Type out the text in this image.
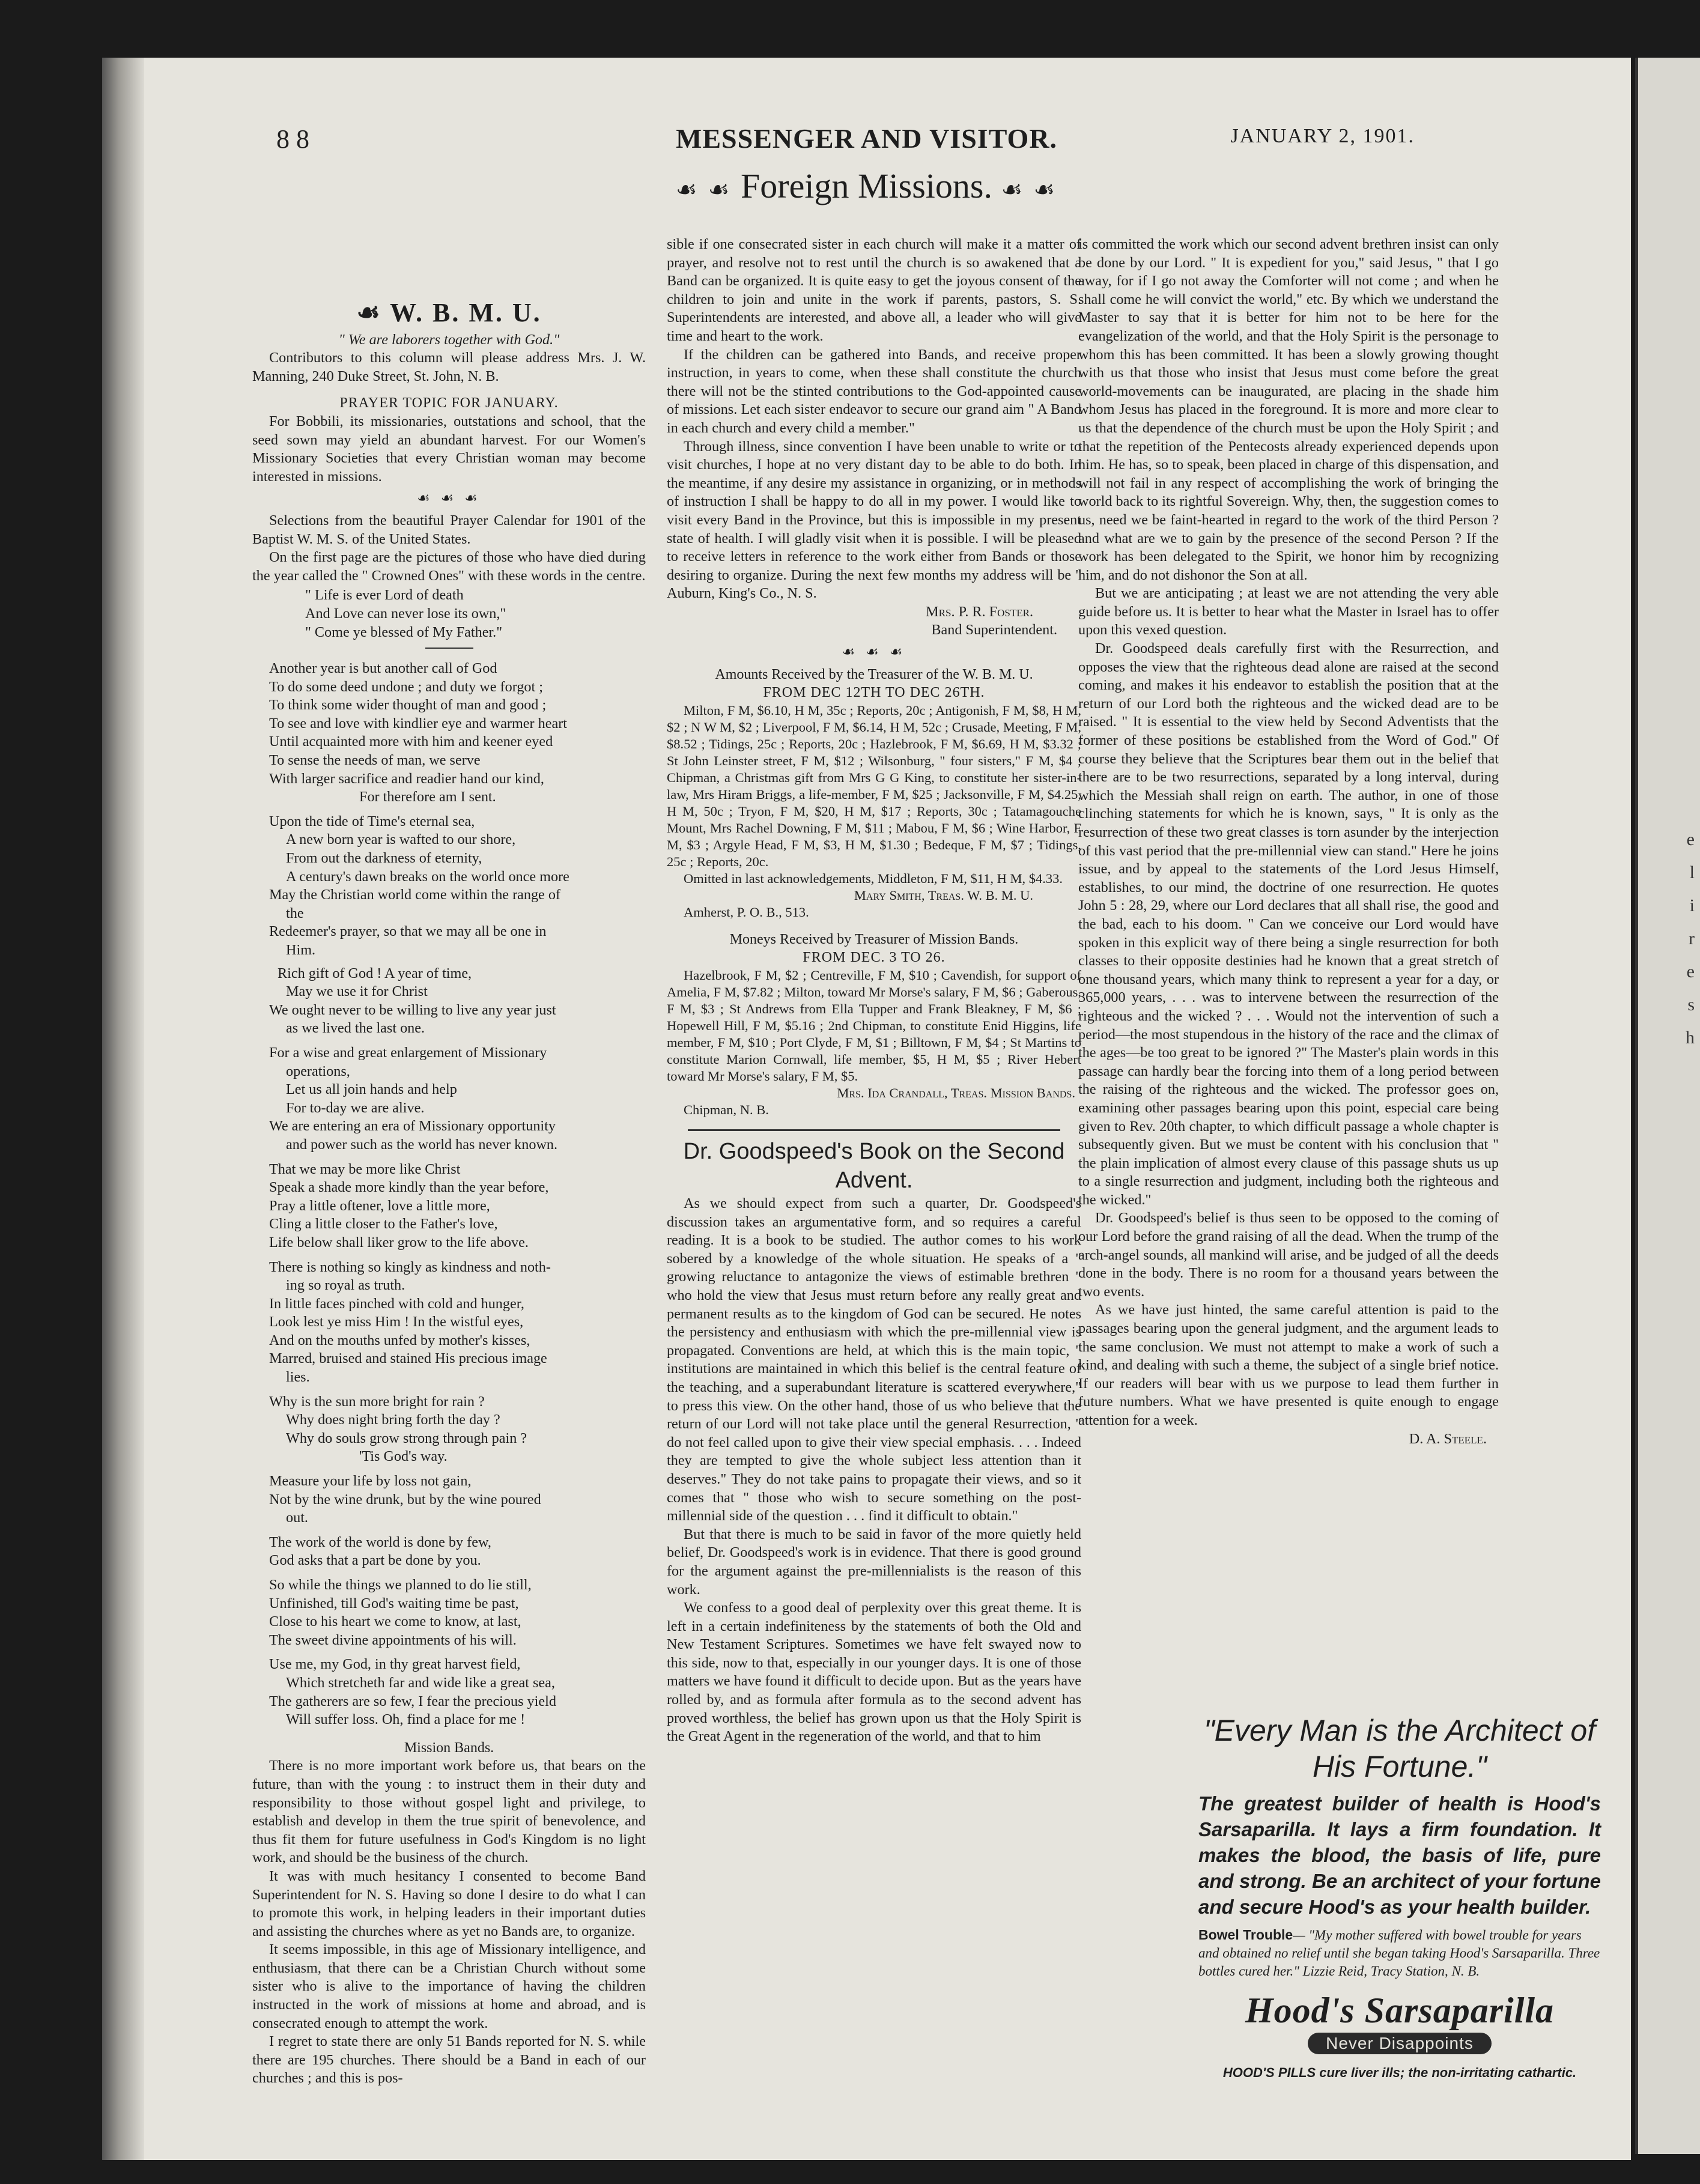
8 8	MESSENGER AND VISITOR.	JANUARY 2, 1901.
☙ ☙ Foreign Missions. ☙ ☙
☙ W. B. M. U.

" We are laborers together with God."

Contributors to this column will please address Mrs. J. W. Manning, 240 Duke Street, St. John, N. B.

PRAYER TOPIC FOR JANUARY.

For Bobbili, its missionaries, outstations and school, that the seed sown may yield an abundant harvest. For our Women's Missionary Societies that every Christian woman may become interested in missions.

☙ ☙ ☙

Selections from the beautiful Prayer Calendar for 1901 of the Baptist W. M. S. of the United States.

On the first page are the pictures of those who have died during the year called the " Crowned Ones" with these words in the centre.

" Life is ever Lord of death

And Love can never lose its own,"

" Come ye blessed of My Father."

Another year is but another call of God

To do some deed undone ; and duty we forgot ;

To think some wider thought of man and good ;

To see and love with kindlier eye and warmer heart

Until acquainted more with him and keener eyed

To sense the needs of man, we serve

With larger sacrifice and readier hand our kind,

For therefore am I sent.

Upon the tide of Time's eternal sea,

A new born year is wafted to our shore,

From out the darkness of eternity,

A century's dawn breaks on the world once more

May the Christian world come within the range of

the

Redeemer's prayer, so that we may all be one in

Him.

Rich gift of God ! A year of time,

May we use it for Christ

We ought never to be willing to live any year just

as we lived the last one.

For a wise and great enlargement of Missionary

operations,

Let us all join hands and help

For to-day we are alive.

We are entering an era of Missionary opportunity

and power such as the world has never known.

That we may be more like Christ

Speak a shade more kindly than the year before,

Pray a little oftener, love a little more,

Cling a little closer to the Father's love,

Life below shall liker grow to the life above.

There is nothing so kingly as kindness and noth-

ing so royal as truth.

In little faces pinched with cold and hunger,

Look lest ye miss Him ! In the wistful eyes,

And on the mouths unfed by mother's kisses,

Marred, bruised and stained His precious image

lies.

Why is the sun more bright for rain ?

Why does night bring forth the day ?

Why do souls grow strong through pain ?

'Tis God's way.

Measure your life by loss not gain,

Not by the wine drunk, but by the wine poured

out.

The work of the world is done by few,

God asks that a part be done by you.

So while the things we planned to do lie still,

Unfinished, till God's waiting time be past,

Close to his heart we come to know, at last,

The sweet divine appointments of his will.

Use me, my God, in thy great harvest field,

Which stretcheth far and wide like a great sea,

The gatherers are so few, I fear the precious yield

Will suffer loss. Oh, find a place for me !

Mission Bands.

There is no more important work before us, that bears on the future, than with the young : to instruct them in their duty and responsibility to those without gospel light and privilege, to establish and develop in them the true spirit of benevolence, and thus fit them for future usefulness in God's Kingdom is no light work, and should be the business of the church.

It was with much hesitancy I consented to become Band Superintendent for N. S. Having so done I desire to do what I can to promote this work, in helping leaders in their important duties and assisting the churches where as yet no Bands are, to organize.

It seems impossible, in this age of Missionary intelligence, and enthusiasm, that there can be a Christian Church without some sister who is alive to the importance of having the children instructed in the work of missions at home and abroad, and is consecrated enough to attempt the work.

I regret to state there are only 51 Bands reported for N. S. while there are 195 churches. There should be a Band in each of our churches ; and this is pos-

sible if one consecrated sister in each church will make it a matter of prayer, and resolve not to rest until the church is so awakened that a Band can be organized. It is quite easy to get the joyous consent of the children to join and unite in the work if parents, pastors, S. S. Superintendents are interested, and above all, a leader who will give time and heart to the work.

If the children can be gathered into Bands, and receive proper instruction, in years to come, when these shall constitute the church there will not be the stinted contributions to the God-appointed cause of missions. Let each sister endeavor to secure our grand aim " A Band in each church and every child a member."

Through illness, since convention I have been unable to write or to visit churches, I hope at no very distant day to be able to do both. In the meantime, if any desire my assistance in organizing, or in methods of instruction I shall be happy to do all in my power. I would like to visit every Band in the Province, but this is impossible in my present state of health. I will gladly visit when it is possible. I will be pleased to receive letters in reference to the work either from Bands or those desiring to organize. During the next few months my address will be " Auburn, King's Co., N. S.

Mrs. P. R. Foster.

Band Superintendent.

☙ ☙ ☙

Amounts Received by the Treasurer of the W. B. M. U.

FROM DEC 12TH TO DEC 26TH.

Milton, F M, $6.10, H M, 35c ; Reports, 20c ; Antigonish, F M, $8, H M, $2 ; N W M, $2 ; Liverpool, F M, $6.14, H M, 52c ; Crusade, Meeting, F M, $8.52 ; Tidings, 25c ; Reports, 20c ; Hazlebrook, F M, $6.69, H M, $3.32 ; St John Leinster street, F M, $12 ; Wilsonburg, " four sisters," F M, $4 ; Chipman, a Christmas gift from Mrs G G King, to constitute her sister-in-law, Mrs Hiram Briggs, a life-member, F M, $25 ; Jacksonville, F M, $4.25, H M, 50c ; Tryon, F M, $20, H M, $17 ; Reports, 30c ; Tatamagouche Mount, Mrs Rachel Downing, F M, $11 ; Mabou, F M, $6 ; Wine Harbor, F M, $3 ; Argyle Head, F M, $3, H M, $1.30 ; Bedeque, F M, $7 ; Tidings, 25c ; Reports, 20c.

Omitted in last acknowledgements, Middleton, F M, $11, H M, $4.33.

Mary Smith, Treas. W. B. M. U.

Amherst, P. O. B., 513.

Moneys Received by Treasurer of Mission Bands.

FROM DEC. 3 TO 26.

Hazelbrook, F M, $2 ; Centreville, F M, $10 ; Cavendish, for support of Amelia, F M, $7.82 ; Milton, toward Mr Morse's salary, F M, $6 ; Gaberous, F M, $3 ; St Andrews from Ella Tupper and Frank Bleakney, F M, $6 ; Hopewell Hill, F M, $5.16 ; 2nd Chipman, to constitute Enid Higgins, life member, F M, $10 ; Port Clyde, F M, $1 ; Billtown, F M, $4 ; St Martins to constitute Marion Cornwall, life member, $5, H M, $5 ; River Hebert toward Mr Morse's salary, F M, $5.

Mrs. Ida Crandall, Treas. Mission Bands.

Chipman, N. B.

Dr. Goodspeed's Book on the Second Advent.

As we should expect from such a quarter, Dr. Goodspeed's discussion takes an argumentative form, and so requires a careful reading. It is a book to be studied. The author comes to his work sobered by a knowledge of the whole situation. He speaks of a " growing reluctance to antagonize the views of estimable brethren " who hold the view that Jesus must return before any really great and permanent results as to the kingdom of God can be secured. He notes the persistency and enthusiasm with which the pre-millennial view is propagated. Conventions are held, at which this is the main topic, " institutions are maintained in which this belief is the central feature of the teaching, and a superabundant literature is scattered everywhere," to press this view. On the other hand, those of us who believe that the return of our Lord will not take place until the general Resurrection, " do not feel called upon to give their view special emphasis. . . . Indeed they are tempted to give the whole subject less attention than it deserves." They do not take pains to propagate their views, and so it comes that " those who wish to secure something on the post-millennial side of the question . . . find it difficult to obtain."

But that there is much to be said in favor of the more quietly held belief, Dr. Goodspeed's work is in evidence. That there is good ground for the argument against the pre-millennialists is the reason of this work.

We confess to a good deal of perplexity over this great theme. It is left in a certain indefiniteness by the statements of both the Old and New Testament Scriptures. Sometimes we have felt swayed now to this side, now to that, especially in our younger days. It is one of those matters we have found it difficult to decide upon. But as the years have rolled by, and as formula after formula as to the second advent has proved worthless, the belief has grown upon us that the Holy Spirit is the Great Agent in the regeneration of the world, and that to him

is committed the work which our second advent brethren insist can only be done by our Lord. " It is expedient for you," said Jesus, " that I go away, for if I go not away the Comforter will not come ; and when he shall come he will convict the world," etc. By which we understand the Master to say that it is better for him not to be here for the evangelization of the world, and that the Holy Spirit is the personage to whom this has been committed. It has been a slowly growing thought with us that those who insist that Jesus must come before the great world-movements can be inaugurated, are placing in the shade him whom Jesus has placed in the foreground. It is more and more clear to us that the dependence of the church must be upon the Holy Spirit ; and that the repetition of the Pentecosts already experienced depends upon him. He has, so to speak, been placed in charge of this dispensation, and will not fail in any respect of accomplishing the work of bringing the world back to its rightful Sovereign. Why, then, the suggestion comes to us, need we be faint-hearted in regard to the work of the third Person ? and what are we to gain by the presence of the second Person ? If the work has been delegated to the Spirit, we honor him by recognizing him, and do not dishonor the Son at all.

But we are anticipating ; at least we are not attending the very able guide before us. It is better to hear what the Master in Israel has to offer upon this vexed question.

Dr. Goodspeed deals carefully first with the Resurrection, and opposes the view that the righteous dead alone are raised at the second coming, and makes it his endeavor to establish the position that at the return of our Lord both the righteous and the wicked dead are to be raised. " It is essential to the view held by Second Adventists that the former of these positions be established from the Word of God." Of course they believe that the Scriptures bear them out in the belief that there are to be two resurrections, separated by a long interval, during which the Messiah shall reign on earth. The author, in one of those clinching statements for which he is known, says, " It is only as the resurrection of these two great classes is torn asunder by the interjection of this vast period that the pre-millennial view can stand." Here he joins issue, and by appeal to the statements of the Lord Jesus Himself, establishes, to our mind, the doctrine of one resurrection. He quotes John 5 : 28, 29, where our Lord declares that all shall rise, the good and the bad, each to his doom. " Can we conceive our Lord would have spoken in this explicit way of there being a single resurrection for both classes to their opposite destinies had he known that a great stretch of one thousand years, which many think to represent a year for a day, or 365,000 years, . . . was to intervene between the resurrection of the righteous and the wicked ? . . . Would not the intervention of such a period—the most stupendous in the history of the race and the climax of the ages—be too great to be ignored ?" The Master's plain words in this passage can hardly bear the forcing into them of a long period between the raising of the righteous and the wicked. The professor goes on, examining other passages bearing upon this point, especial care being given to Rev. 20th chapter, to which difficult passage a whole chapter is subsequently given. But we must be content with his conclusion that " the plain implication of almost every clause of this passage shuts us up to a single resurrection and judgment, including both the righteous and the wicked."

Dr. Goodspeed's belief is thus seen to be opposed to the coming of our Lord before the grand raising of all the dead. When the trump of the arch-angel sounds, all mankind will arise, and be judged of all the deeds done in the body. There is no room for a thousand years between the two events.

As we have just hinted, the same careful attention is paid to the passages bearing upon the general judgment, and the argument leads to the same conclusion. We must not attempt to make a work of such a kind, and dealing with such a theme, the subject of a single brief notice. If our readers will bear with us we purpose to lead them further in future numbers. What we have presented is quite enough to engage attention for a week.

D. A. Steele.

"Every Man is the Architect of His Fortune."

The greatest builder of health is Hood's Sarsaparilla. It lays a firm foundation. It makes the blood, the basis of life, pure and strong. Be an architect of your fortune and secure Hood's as your health builder.

Bowel Trouble— "My mother suffered with bowel trouble for years and obtained no relief until she began taking Hood's Sarsaparilla. Three bottles cured her." Lizzie Reid, Tracy Station, N. B.

Hood's Sarsaparilla
Never Disappoints
HOOD'S PILLS cure liver ills; the non-irritating cathartic.
e
l
i
r
e
s
h
